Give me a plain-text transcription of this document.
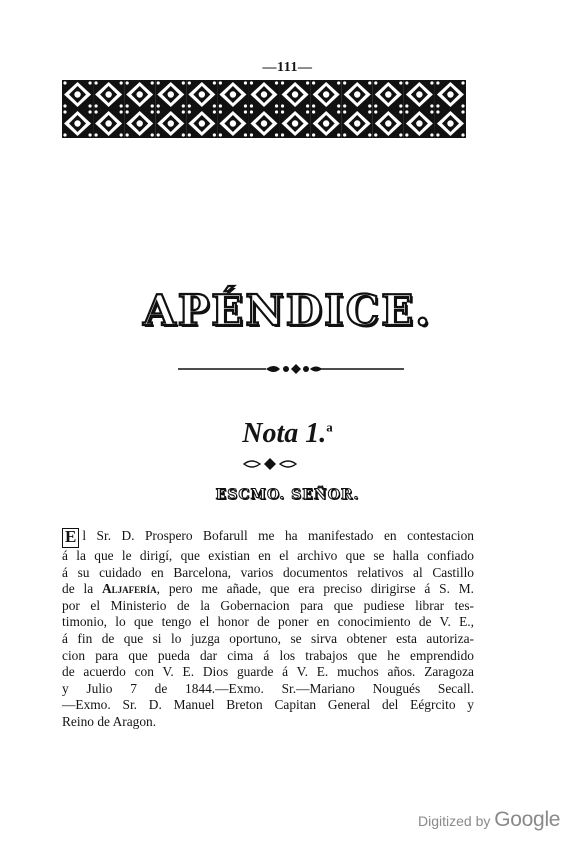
—111—
APÉNDICE.
Nota 1.$^a$
ESCMO. SEÑOR.
E l Sr. D. Prospero Bofarull me ha manifestado en contestacion
á la que le dirigí, que existian en el archivo que se halla confiado
á su cuidado en Barcelona, varios documentos relativos al Castillo
de la Aljafería, pero me añade, que era preciso dirigirse á S. M.
por el Ministerio de la Gobernacion para que pudiese librar tes-
timonio, lo que tengo el honor de poner en conocimiento de V. E.,
á fin de que si lo juzga oportuno, se sirva obtener esta autoriza-
cion para que pueda dar cima á los trabajos que he emprendido
de acuerdo con V. E. Dios guarde á V. E. muchos años. Zaragoza
y Julio 7 de 1844.—Exmo. Sr.—Mariano Nougués Secall.
—Exmo. Sr. D. Manuel Breton Capitan General del Eégrcito y
Reino de Aragon.
Digitized by Google
